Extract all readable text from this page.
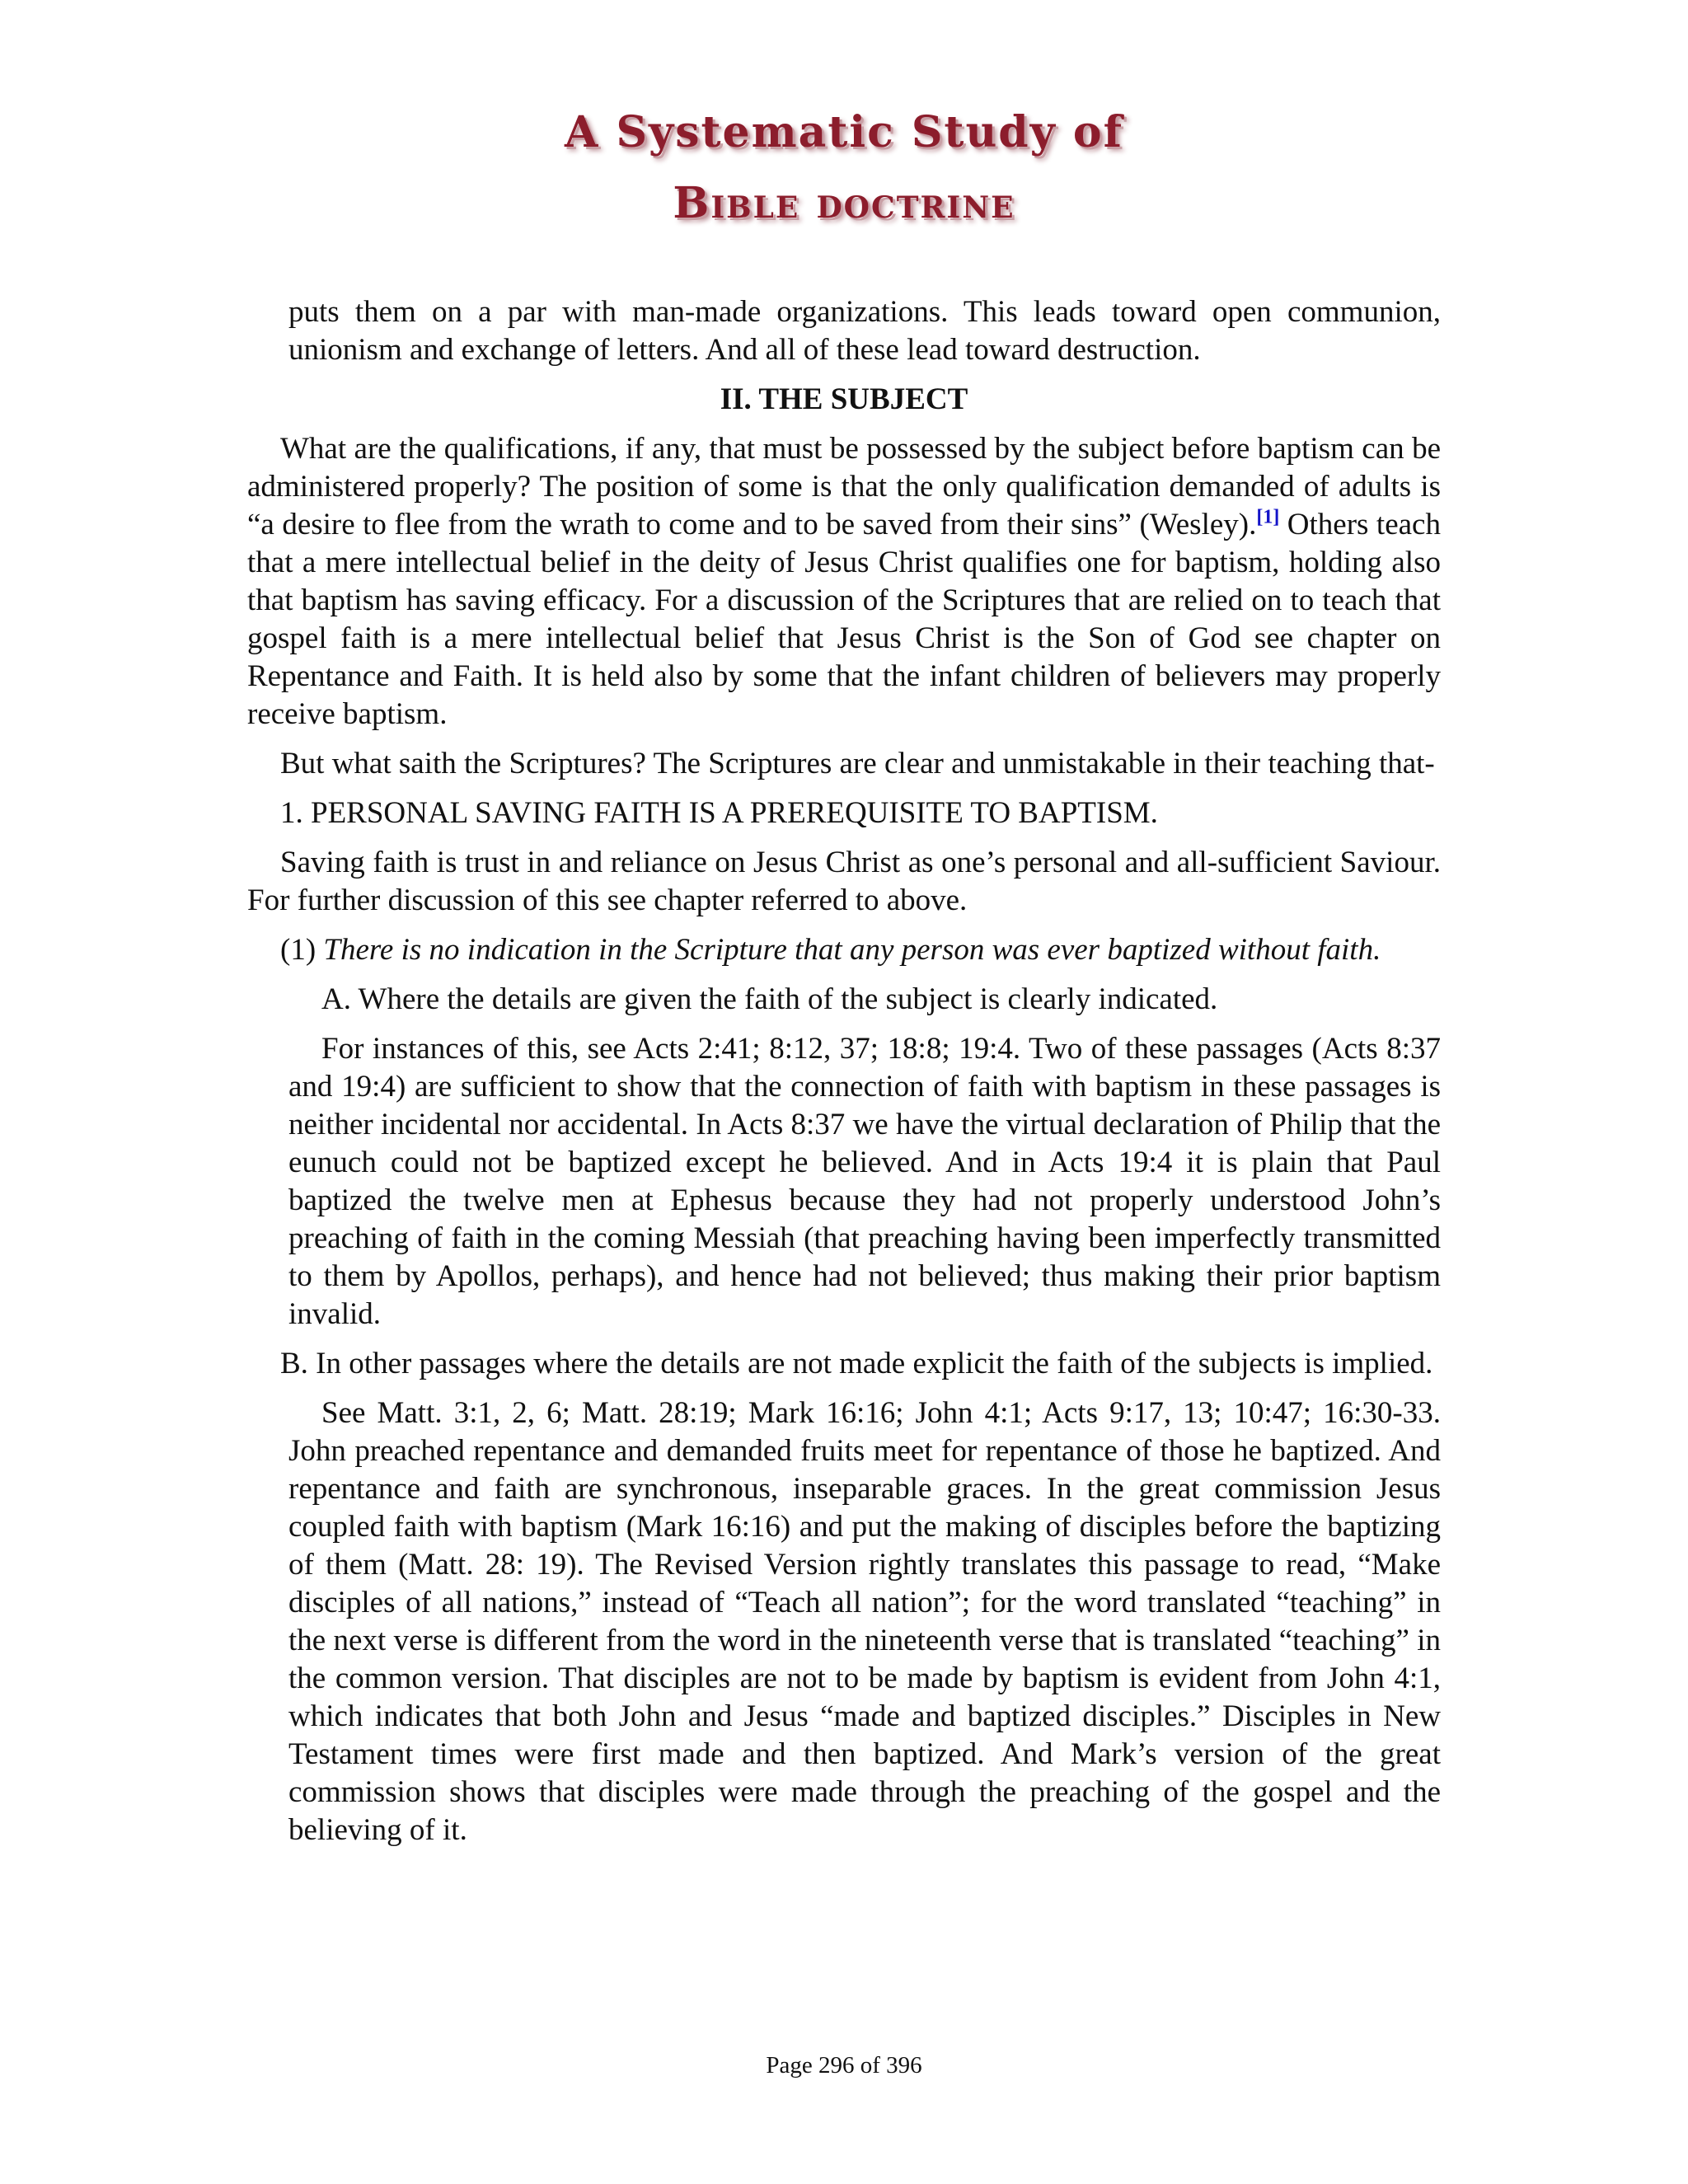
A Systematic Study of
Bible doctrine

puts them on a par with man-made organizations. This leads toward open communion, unionism and exchange of letters. And all of these lead toward destruction.

II. THE SUBJECT

What are the qualifications, if any, that must be possessed by the subject before baptism can be administered properly? The position of some is that the only qualification demanded of adults is “a desire to flee from the wrath to come and to be saved from their sins” (Wesley).[1] Others teach that a mere intellectual belief in the deity of Jesus Christ qualifies one for baptism, holding also that baptism has saving efficacy. For a discussion of the Scriptures that are relied on to teach that gospel faith is a mere intellectual belief that Jesus Christ is the Son of God see chapter on Repentance and Faith. It is held also by some that the infant children of believers may properly receive baptism.

But what saith the Scriptures? The Scriptures are clear and unmistakable in their teaching that-

1. PERSONAL SAVING FAITH IS A PREREQUISITE TO BAPTISM.

Saving faith is trust in and reliance on Jesus Christ as one’s personal and all-sufficient Saviour. For further discussion of this see chapter referred to above.

(1) There is no indication in the Scripture that any person was ever baptized without faith.

A. Where the details are given the faith of the subject is clearly indicated.

For instances of this, see Acts 2:41; 8:12, 37; 18:8; 19:4. Two of these passages (Acts 8:37 and 19:4) are sufficient to show that the connection of faith with baptism in these passages is neither incidental nor accidental. In Acts 8:37 we have the virtual declaration of Philip that the eunuch could not be baptized except he believed. And in Acts 19:4 it is plain that Paul baptized the twelve men at Ephesus because they had not properly understood John’s preaching of faith in the coming Messiah (that preaching having been imperfectly transmitted to them by Apollos, perhaps), and hence had not believed; thus making their prior baptism invalid.

B. In other passages where the details are not made explicit the faith of the subjects is implied.

See Matt. 3:1, 2, 6; Matt. 28:19; Mark 16:16; John 4:1; Acts 9:17, 13; 10:47; 16:30-33. John preached repentance and demanded fruits meet for repentance of those he baptized. And repentance and faith are synchronous, inseparable graces. In the great commission Jesus coupled faith with baptism (Mark 16:16) and put the making of disciples before the baptizing of them (Matt. 28: 19). The Revised Version rightly translates this passage to read, “Make disciples of all nations,” instead of “Teach all nation”; for the word translated “teaching” in the next verse is different from the word in the nineteenth verse that is translated “teaching” in the common version. That disciples are not to be made by baptism is evident from John 4:1, which indicates that both John and Jesus “made and baptized disciples.” Disciples in New Testament times were first made and then baptized. And Mark’s version of the great commission shows that disciples were made through the preaching of the gospel and the believing of it.

Page 296 of 396
